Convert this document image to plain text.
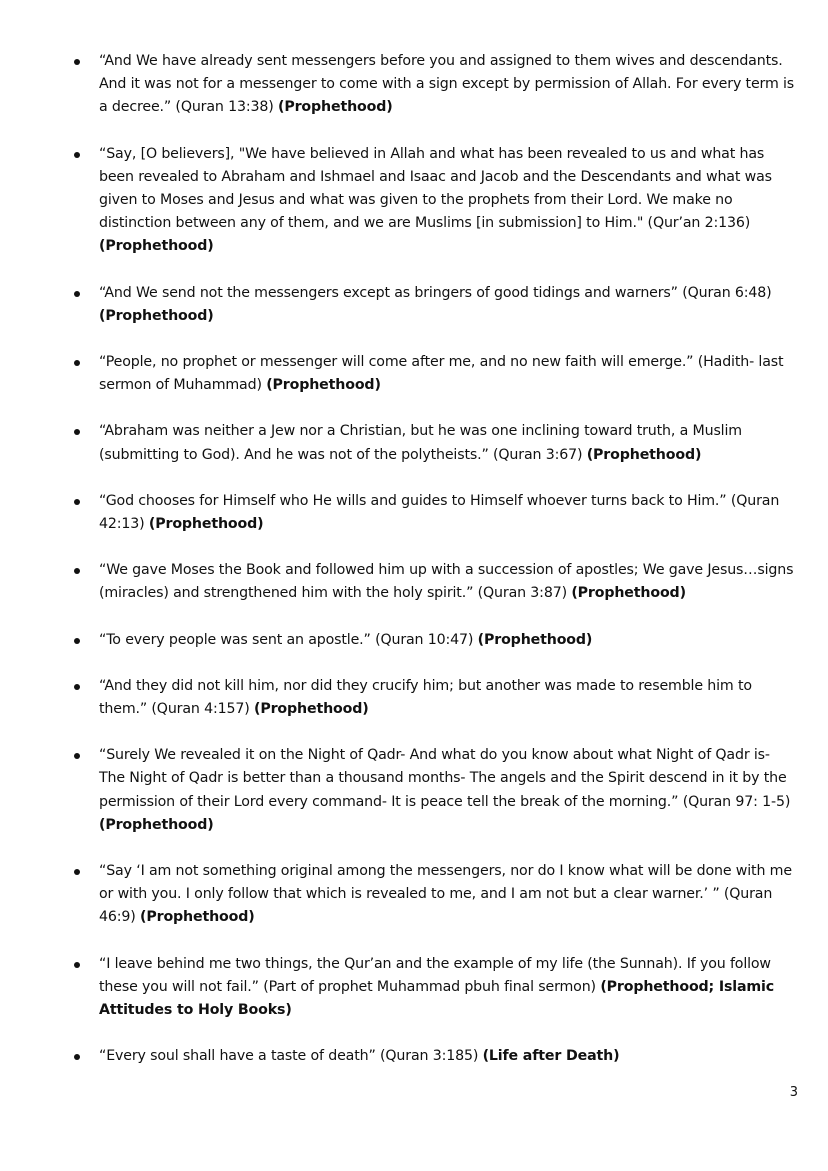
“And We have already sent messengers before you and assigned to them wives and descendants. And it was not for a messenger to come with a sign except by permission of Allah. For every term is a decree.” (Quran 13:38) (Prophethood)
“Say, [O believers], "We have believed in Allah and what has been revealed to us and what has been revealed to Abraham and Ishmael and Isaac and Jacob and the Descendants and what was given to Moses and Jesus and what was given to the prophets from their Lord. We make no distinction between any of them, and we are Muslims [in submission] to Him." (Qur’an 2:136) (Prophethood)
“And We send not the messengers except as bringers of good tidings and warners” (Quran 6:48) (Prophethood)
“People, no prophet or messenger will come after me, and no new faith will emerge.” (Hadith- last sermon of Muhammad) (Prophethood)
“Abraham was neither a Jew nor a Christian, but he was one inclining toward truth, a Muslim (submitting to God). And he was not of the polytheists.” (Quran 3:67) (Prophethood)
“God chooses for Himself who He wills and guides to Himself whoever turns back to Him.” (Quran 42:13) (Prophethood)
“We gave Moses the Book and followed him up with a succession of apostles; We gave Jesus…signs (miracles) and strengthened him with the holy spirit.” (Quran 3:87) (Prophethood)
“To every people was sent an apostle.” (Quran 10:47) (Prophethood)
“And they did not kill him, nor did they crucify him; but another was made to resemble him to them.” (Quran 4:157) (Prophethood)
“Surely We revealed it on the Night of Qadr- And what do you know about what Night of Qadr is- The Night of Qadr is better than a thousand months- The angels and the Spirit descend in it by the permission of their Lord every command- It is peace tell the break of the morning.” (Quran 97: 1-5) (Prophethood)
“Say ‘I am not something original among the messengers, nor do I know what will be done with me or with you. I only follow that which is revealed to me, and I am not but a clear warner.’ ” (Quran 46:9) (Prophethood)
“I leave behind me two things, the Qur’an and the example of my life (the Sunnah). If you follow these you will not fail.” (Part of prophet Muhammad pbuh final sermon) (Prophethood; Islamic Attitudes to Holy Books)
“Every soul shall have a taste of death” (Quran 3:185) (Life after Death)
3
